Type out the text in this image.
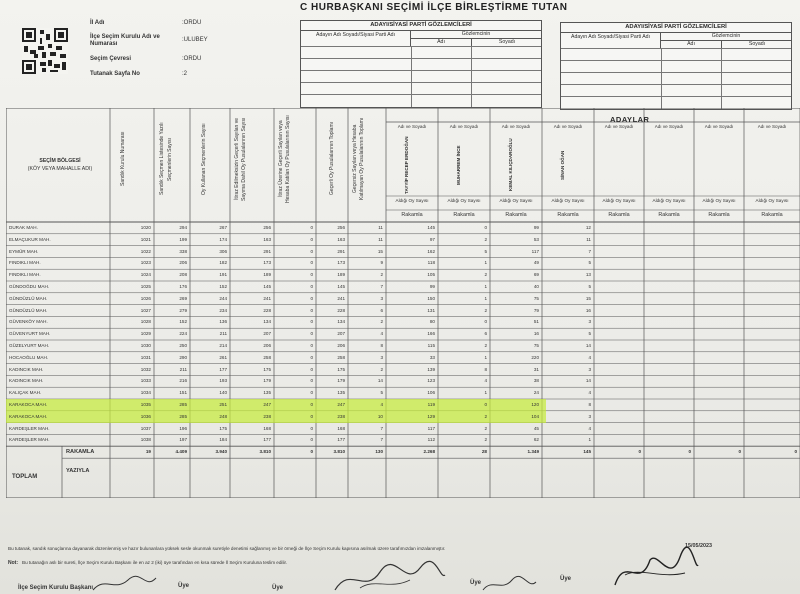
İl Adı	:ORDU
İlçe Seçim Kurulu Adı ve Numarası
:ULUBEY
Seçim Çevresi	:ORDU
Tutanak Sayfa No	:2
C HURBAŞKANI SEÇİMİ İLÇE BİRLEŞTİRME TUTAN
ADAYI/SİYASİ PARTİ GÖZLEMCİLERİ
Adayın Adı Soyadı/Siyasi Parti Adı	Gözlemcinin
Adı	Soyadı
ADAYI/SİYASİ PARTİ GÖZLEMCİLERİ
Adayın Adı Soyadı/Siyasi Parti Adı	Gözlemcinin
Adı	Soyadı
SEÇİM BÖLGESİ
(KÖY VEYA MAHALLE ADI)	Sandık Kurulu Numarası	Sandık Seçmen Listesinde Yazılı Seçmenlerin Sayısı	Oy Kullanan Seçmenlerin Sayısı	İtiraz Edilmeksizin Geçerli Sayılan ve Sayıma Dahil Oy Pusulalarının Sayısı	İtiraz Üzerine Geçerli Sayılan veya Hesaba Katılan Oy Pusulalarının Sayısı	Geçerli Oy Pusulalarının Toplamı	Geçersiz Sayılan veya Hesaba Katılmayan Oy Pusulalarının Toplamı	ADAYLAR
Adı ve Soyadı
TAYYİP RECEP ERDOĞAN
Aldığı Oy Sayısı
Rakamla
Adı ve Soyadı
MUHARREM İNCE
Aldığı Oy Sayısı
Rakamla
Adı ve Soyadı
KEMAL KILIÇDAROĞLU
Aldığı Oy Sayısı
Rakamla
Adı ve Soyadı
SİNAN OĞAN
Aldığı Oy Sayısı
Rakamla
Adı ve Soyadı
Aldığı Oy Sayısı
Rakamla
Adı ve Soyadı
Aldığı Oy Sayısı
Rakamla
Adı ve Soyadı
Aldığı Oy Sayısı
Rakamla
Adı ve Soyadı
Aldığı Oy Sayısı
Rakamla
DURAK MAH.	1020	294	267	256	0	256	11	145	0	99	12
ELMAÇUKUR MAH.	1021	199	174	163	0	163	11	97	2	53	11
EYMÜR MAH.	1022	338	306	291	0	291	15	162	5	117	7
FINDIKLI MAH.	1023	206	182	173	0	173	9	118	1	49	5
FINDIKLI MAH.	1024	208	191	189	0	189	2	105	2	69	13
GÜNDOĞDU MAH.	1025	176	152	145	0	145	7	99	1	40	5
GÜNDÜZLÜ MAH.	1026	269	244	241	0	241	3	150	1	75	15
GÜNDÜZLÜ MAH.	1027	279	234	228	0	228	6	131	2	79	16
GÜVENKÖY MAH.	1028	152	136	134	0	134	2	80	0	51	3
GÜVENYURT MAH.	1029	224	211	207	0	207	4	166	6	16	5
GÜZELYURT MAH.	1030	250	214	206	0	206	8	115	2	75	14
HOCAOĞLU MAH.	1031	290	261	258	0	258	3	33	1	220	4
KADINCIK MAH.	1032	211	177	175	0	175	2	139	8	31	3
KADINCIK MAH.	1033	216	193	179	0	179	14	123	4	38	14
KALIÇAK MAH.	1034	151	140	135	0	135	5	106	1	24	4
KARAKOCA MAH.	1035	285	251	247	0	247	4	119	0	120	8
KARAKOCA MAH.	1036	285	248	238	0	238	10	129	2	104	3
KARDEŞLER MAH.	1037	196	175	168	0	168	7	117	2	45	4
KARDEŞLER MAH.	1038	197	184	177	0	177	7	112	2	62	1
19	4.409	3.940	3.810	0	3.810	130	2.268	28	1.349	145	0	0	0	0
TOPLAM
RAKAMLA
YAZIYLA
Bu tutanak, sandık sonuçlarına dayanarak düzenlenmiş ve hazır bulunanlara yüksek sesle okunmak suretiyle denetimi sağlanmış ve bir örneği de İlçe Seçim Kurulu kapısına asılmak üzere tarafımızdan imzalanmıştır.	15/05/2023
Not: Bu tutanağın aslı bir sureti, İlçe Seçim Kurulu Başkanı ile en az 2 (iki) üye tarafından en kısa sürede İl Seçim Kuruluna teslim edilir.
İlçe Seçim Kurulu Başkanı	Üye	Üye
Üye
Üye
